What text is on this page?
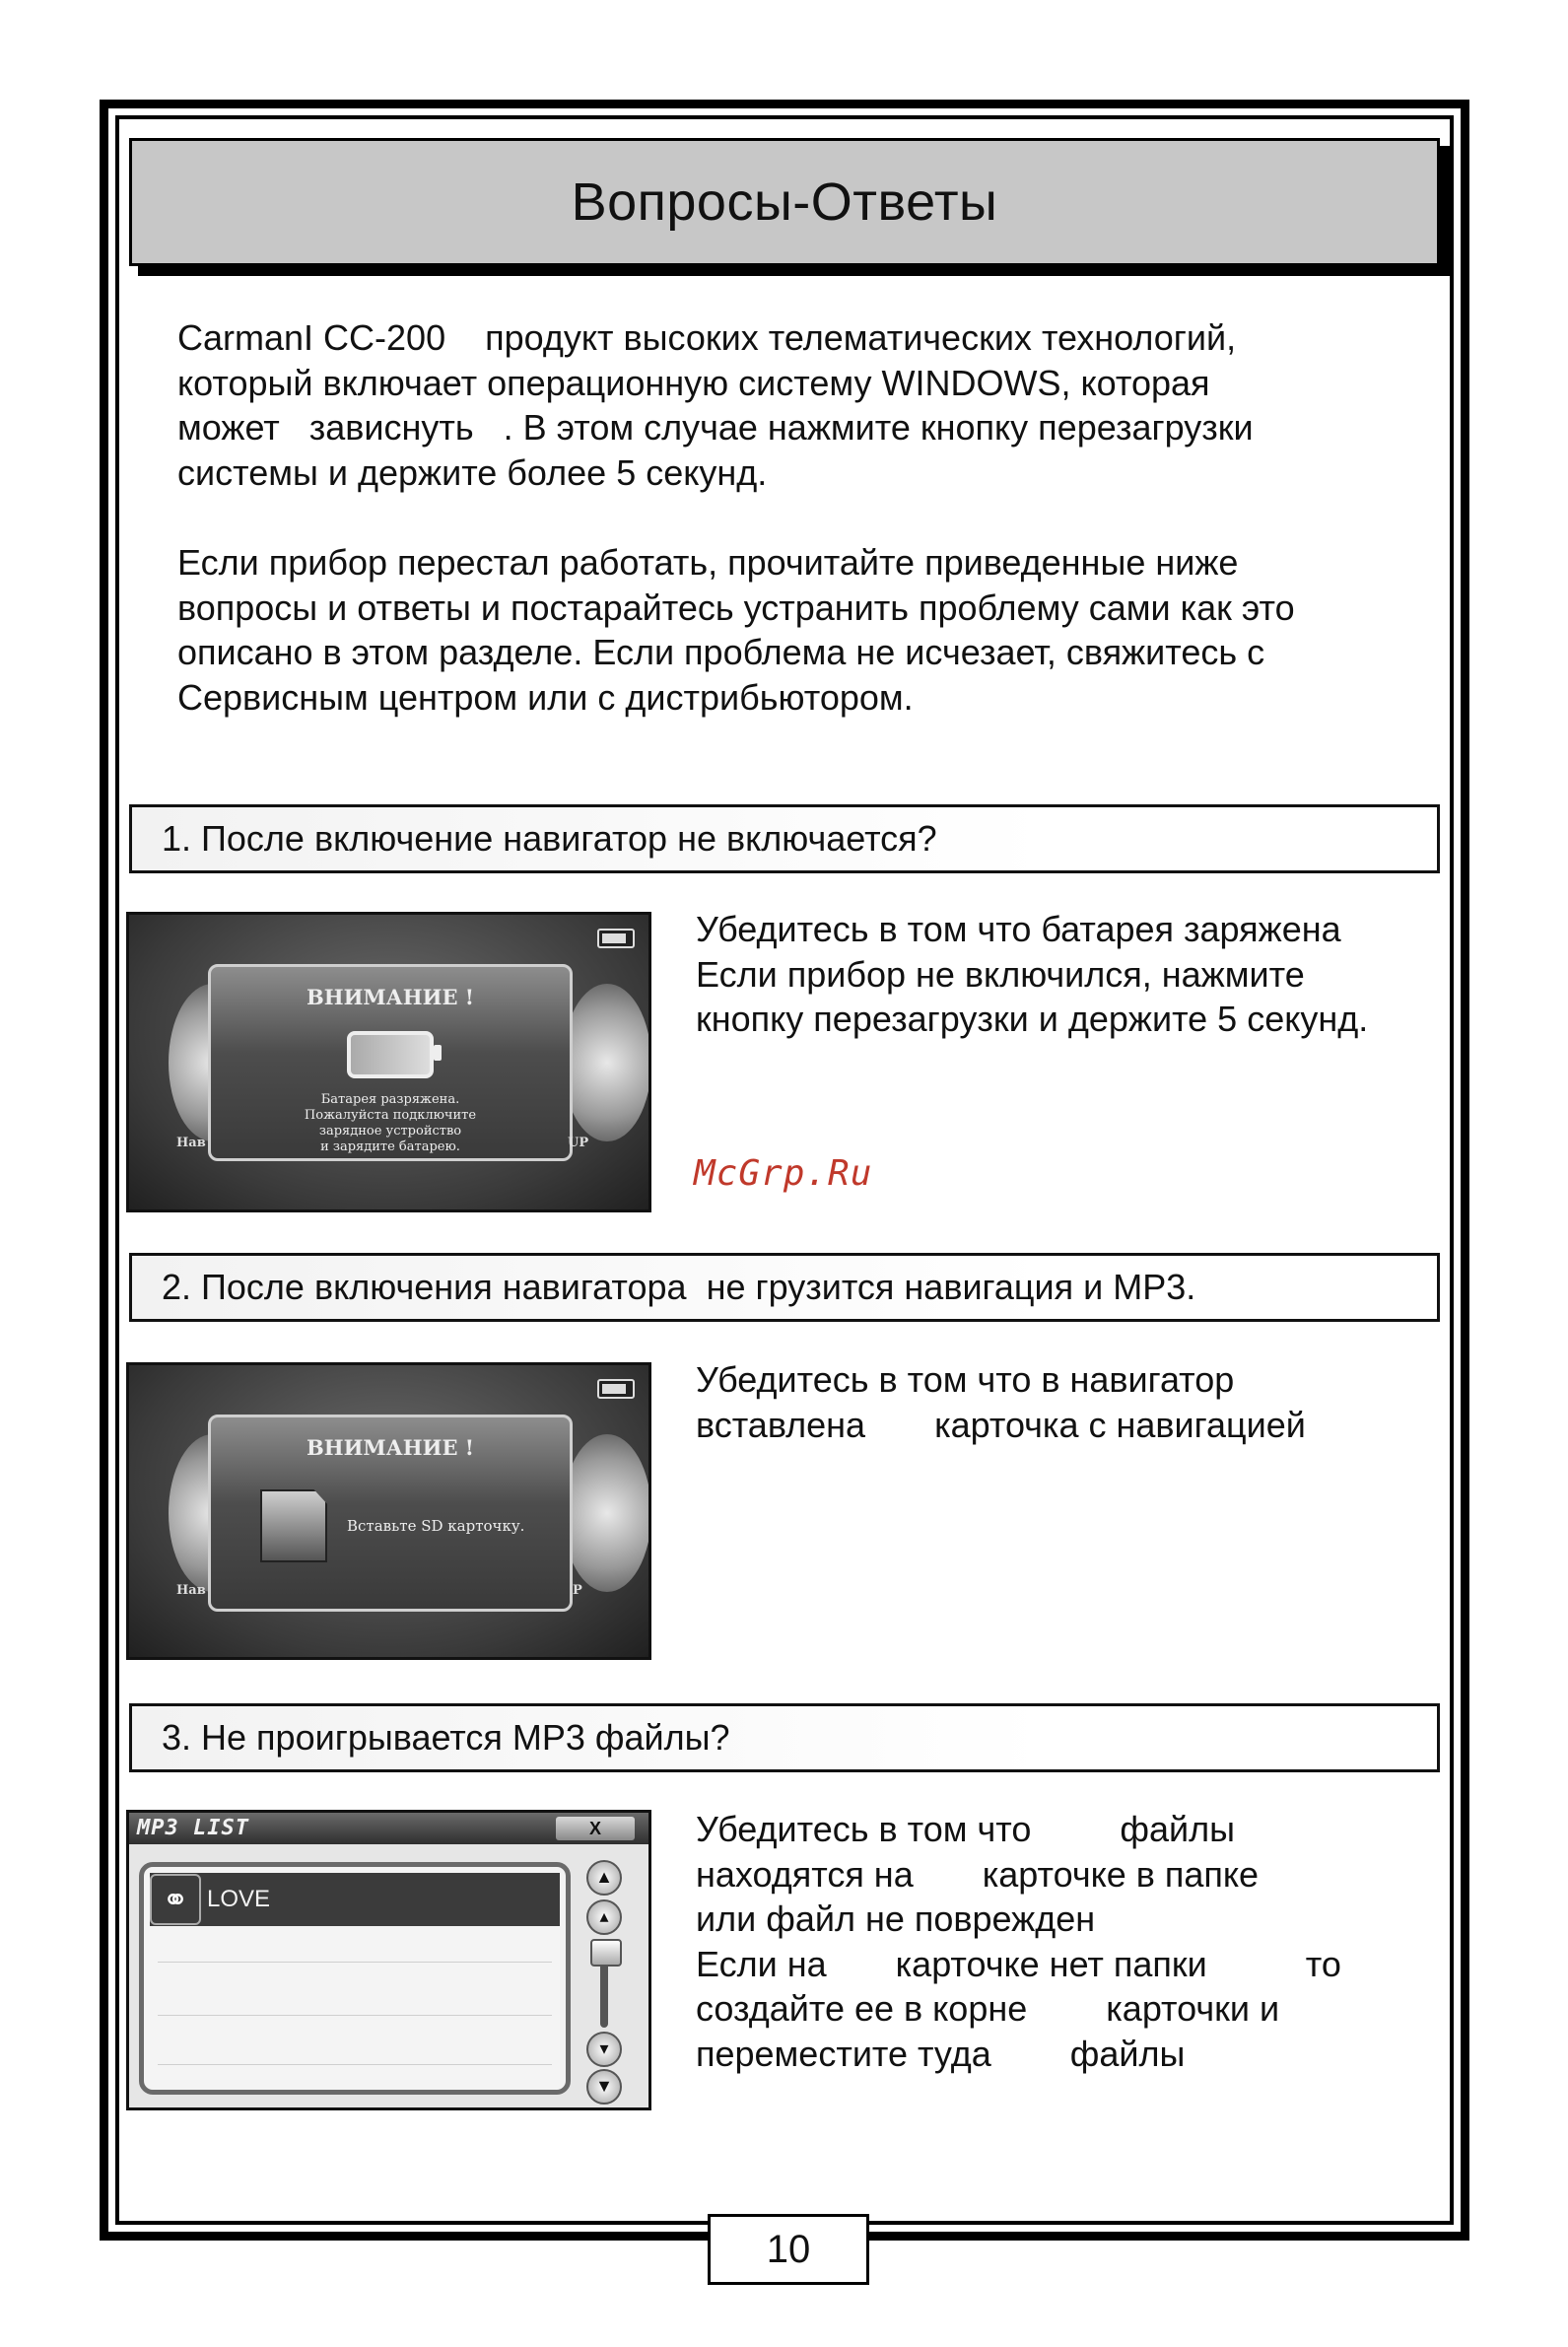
Вопросы-Ответы
CarmanI CC-200    продукт высоких телематических технологий,
который включает операционную систему WINDOWS, которая
может   зависнуть   . В этом случае нажмите кнопку перезагрузки
системы и держите более 5 секунд.
Если прибор перестал работать, прочитайте приведенные ниже
вопросы и ответы и постарайтесь устранить проблему сами как это
описано в этом разделе. Если проблема не исчезает, свяжитесь с
Сервисным центром или с дистрибьютором.
1. После включение навигатор не включается?
ВНИМАНИЕ !
Батарея разряжена.
Пожалуйста подключите
зарядное устройство
и зарядите батарею.
Нав	UP
Убедитесь в том что батарея заряжена
Если прибор не включился, нажмите
кнопку перезагрузки и держите 5 секунд.
McGrp.Ru
2. После включения навигатора  не грузится навигация и MP3.
ВНИМАНИЕ !
Вставьте SD карточку.
Нав	P
Убедитесь в том что в навигатор
вставлена       карточка с навигацией
3. Не проигрывается MP3 файлы?
MP3 LIST	X
⚭ LOVE
▲
▴
▾
▼
Убедитесь в том что         файлы
находятся на       карточке в папке
или файл не поврежден
Если на       карточке нет папки          то
создайте ее в корне        карточки и
переместите туда        файлы
10
